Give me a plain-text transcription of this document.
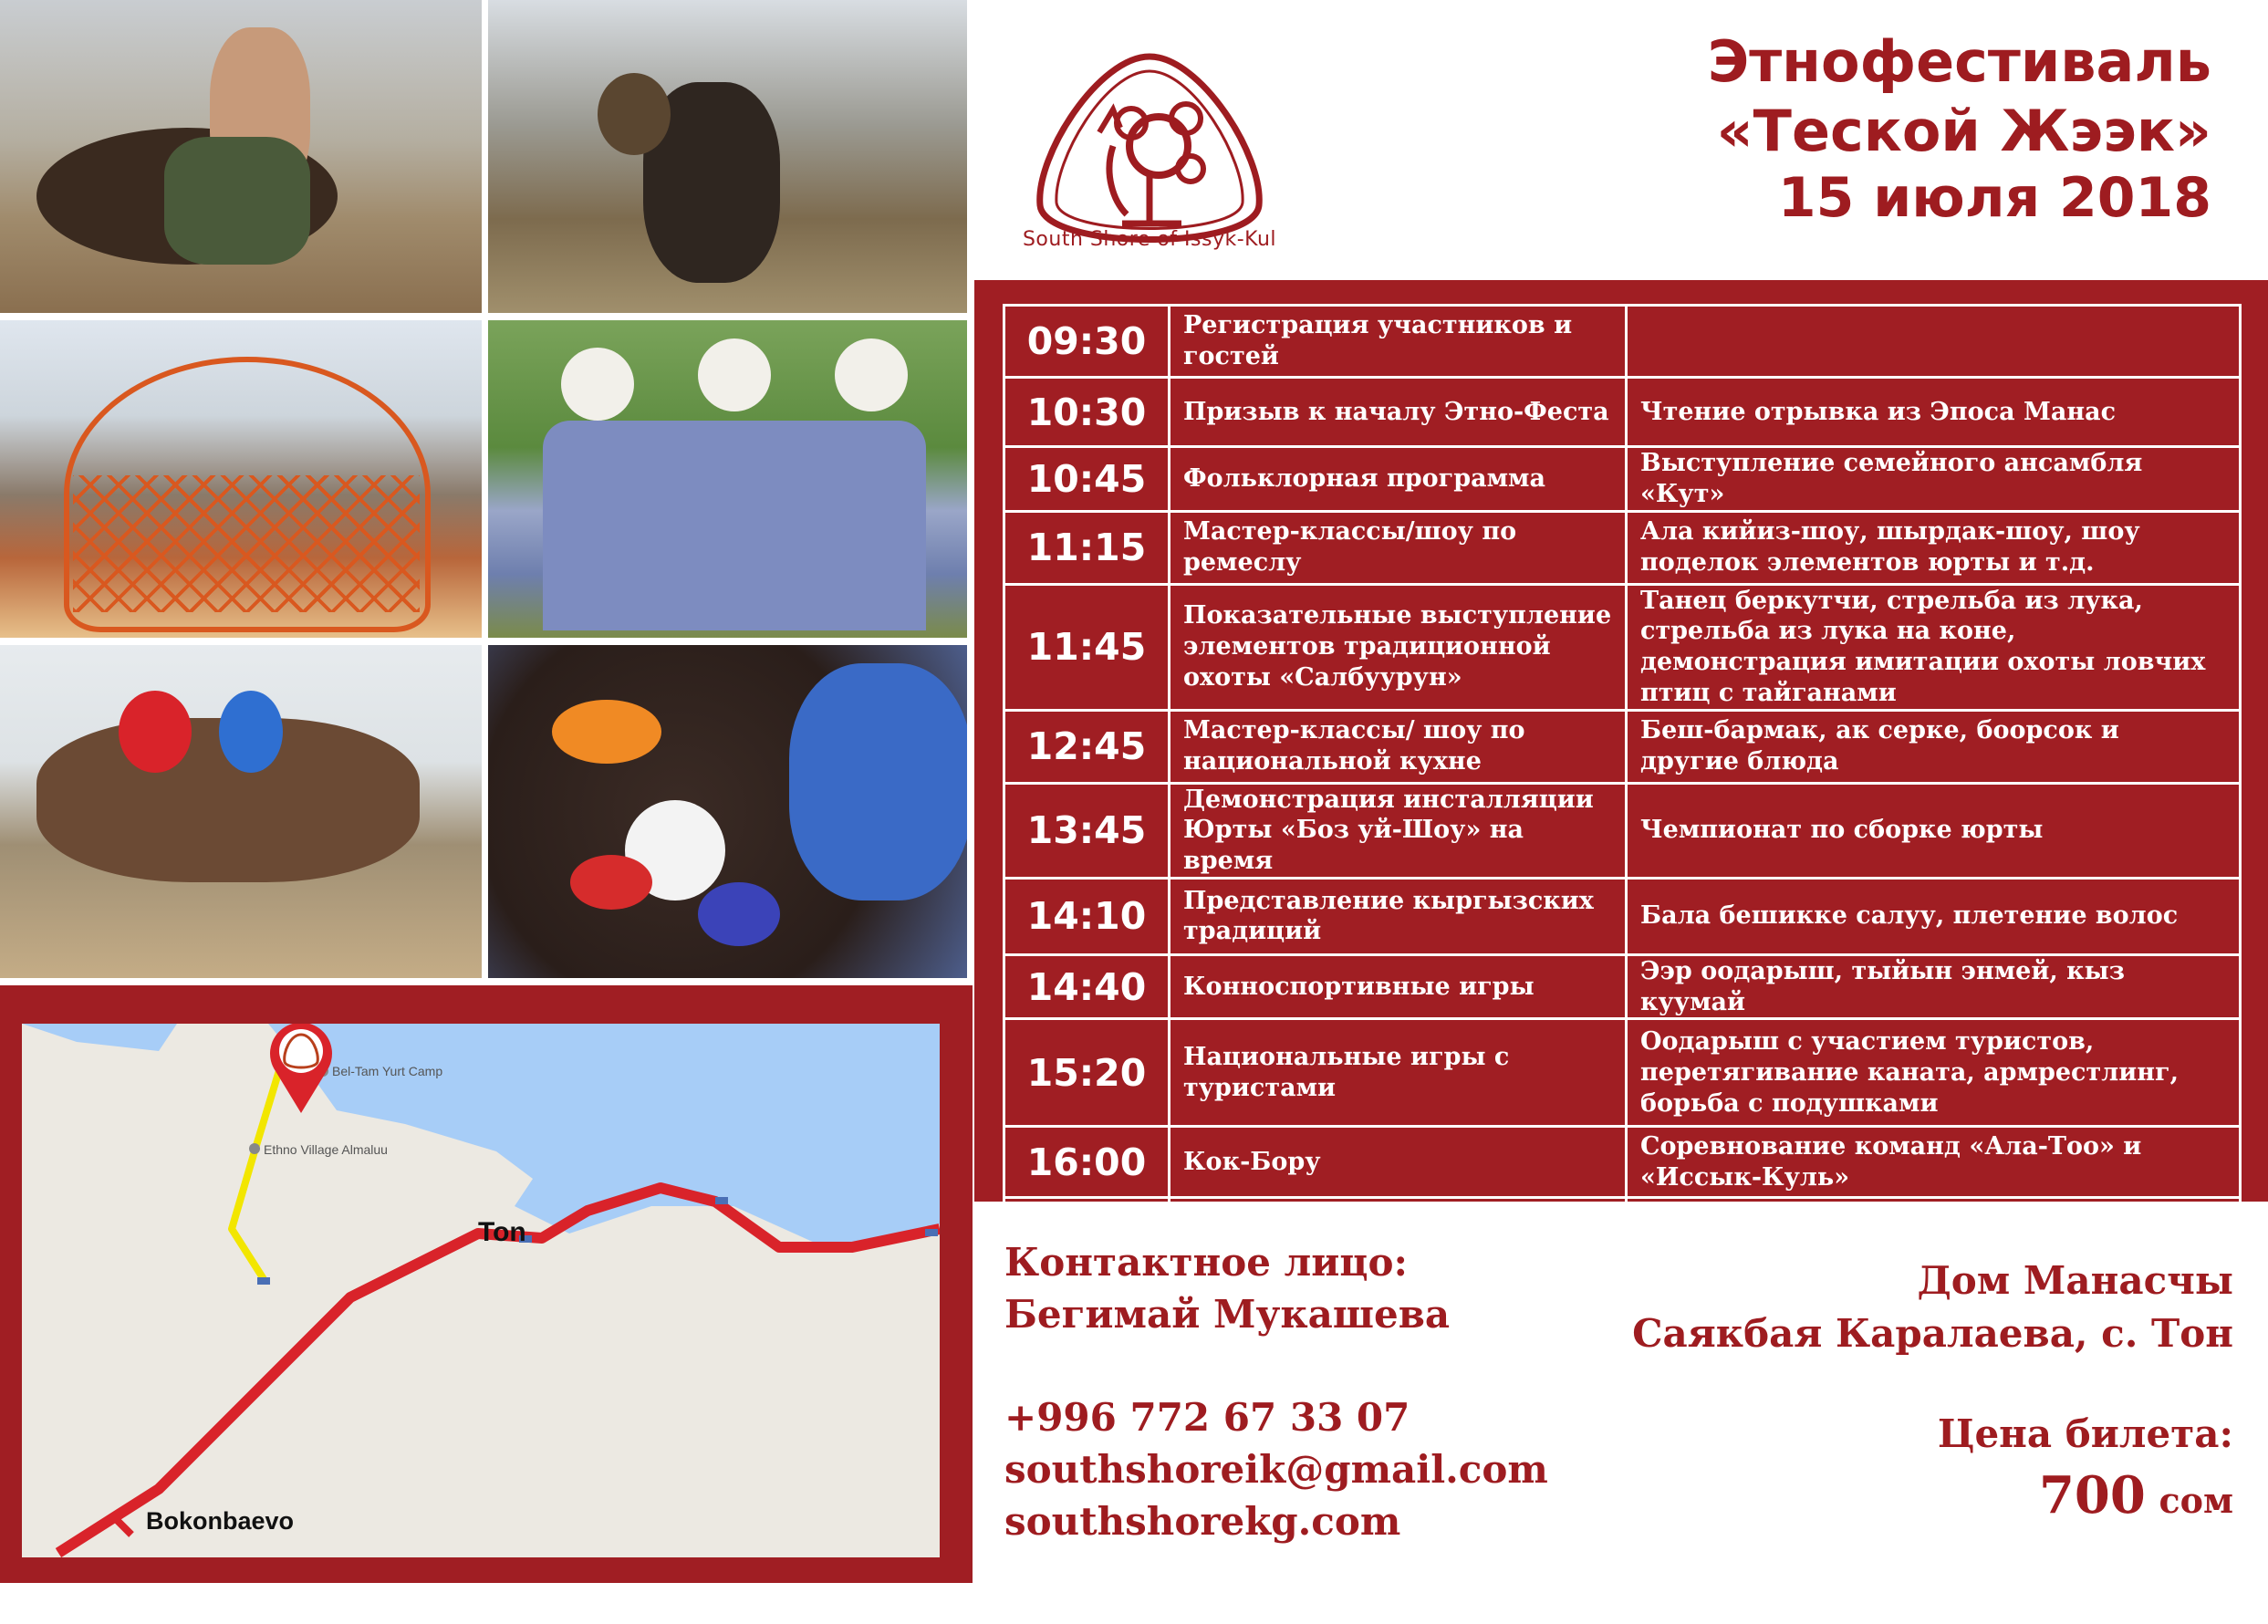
South Shore of Issyk-Kul
Этнофестиваль
«Теской Жээк»
15 июля 2018
09:30	Регистрация участников и гостей	
10:30	Призыв к началу Этно-Феста	Чтение отрывка из Эпоса Манас
10:45	Фольклорная программа	Выступление семейного ансамбля «Кут»
11:15	Мастер-классы/шоу по ремеслу	Ала кийиз-шоу, шырдак-шоу, шоу поделок элементов юрты и т.д.
11:45	Показательные выступление элементов традиционной охоты «Салбуурун»	Танец беркутчи, стрельба из лука, стрельба из лука на коне, демонстрация имитации охоты ловчих птиц с тайганами
12:45	Мастер-классы/ шоу по национальной кухне	Беш-бармак, ак серке, боорсок и другие блюда
13:45	Демонстрация инсталляции Юрты «Боз уй-Шоу» на время	Чемпионат по сборке юрты
14:10	Представление кыргызских традиций	Бала бешикке салуу, плетение волос
14:40	Конноспортивные игры	Ээр оодарыш, тыйын энмей, кыз куумай
15:20	Национальные игры с туристами	Оодарыш с участием туристов, перетягивание каната, армрестлинг, борьба с подушками
16:00	Кок-Бору	Соревнование команд «Ала-Тоо» и «Иссык-Куль»
16:30	Закрытие: Флешмоб	Танец Кара-Жорго вместе со всеми гостями
Bel-Tam Yurt Camp
Ethno Village Almaluu
Ton
Bokonbaevo
Контактное лицо:
Бегимай Мукашева
+996 772 67 33 07
southshoreik@gmail.com
southshorekg.com
Дом Манасчы
Саякбая Каралаева, с. Тон
Цена билета:
700 сом
